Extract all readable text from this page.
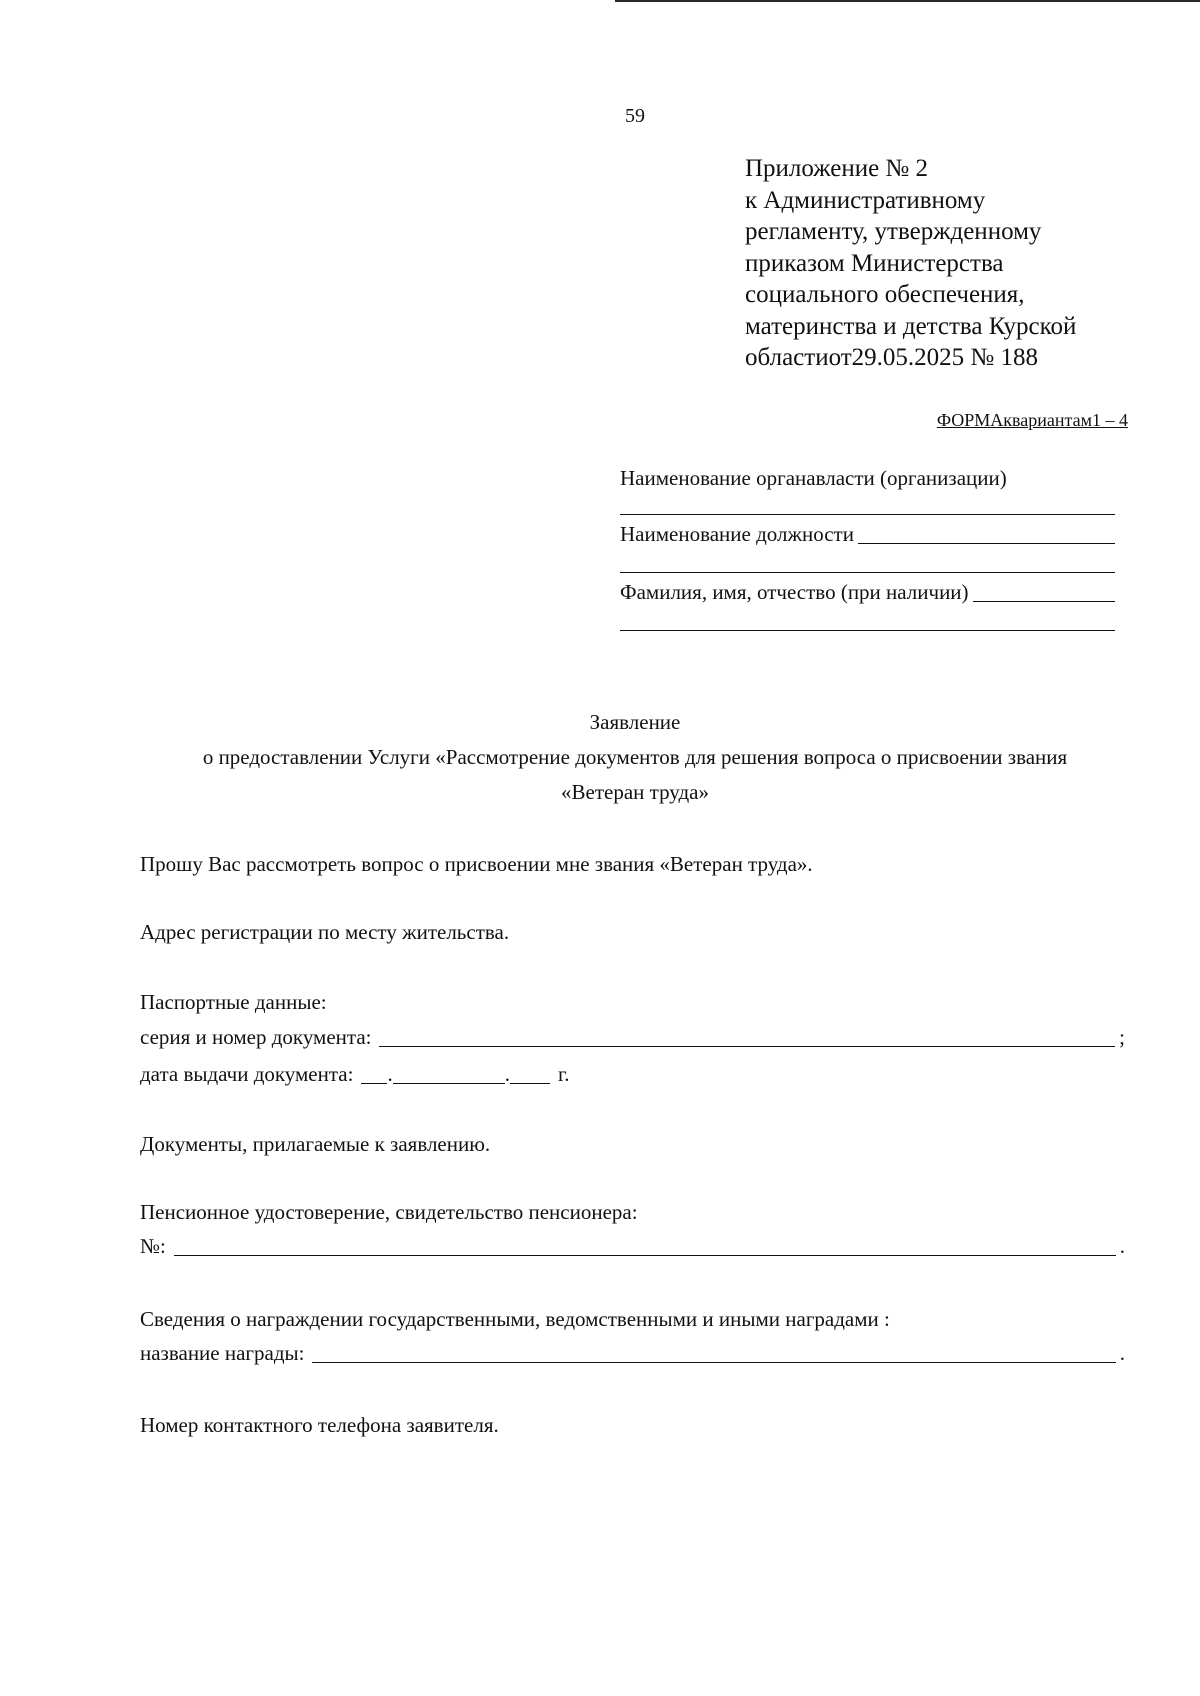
59
Приложение № 2
к Административному
регламенту, утвержденному
приказом Министерства
социального обеспечения,
материнства и детства Курской
областиот29.05.2025 № 188
ФОРМАквариантам1 – 4
Наименование органавласти (организации)
Наименование должности
Фамилия, имя, отчество (при наличии)
Заявление
о предоставлении Услуги «Рассмотрение документов для решения вопроса о присвоении звания
«Ветеран труда»
Прошу Вас рассмотреть вопрос о присвоении мне звания «Ветеран труда».
Адрес регистрации по месту жительства.
Паспортные данные:
серия и номер документа:	;
дата выдачи документа: .	. г.
Документы, прилагаемые к заявлению.
Пенсионное удостоверение, свидетельство пенсионера:
№:	.
Сведения о награждении государственными, ведомственными и иными наградами :
название награды:	.
Номер контактного телефона заявителя.
